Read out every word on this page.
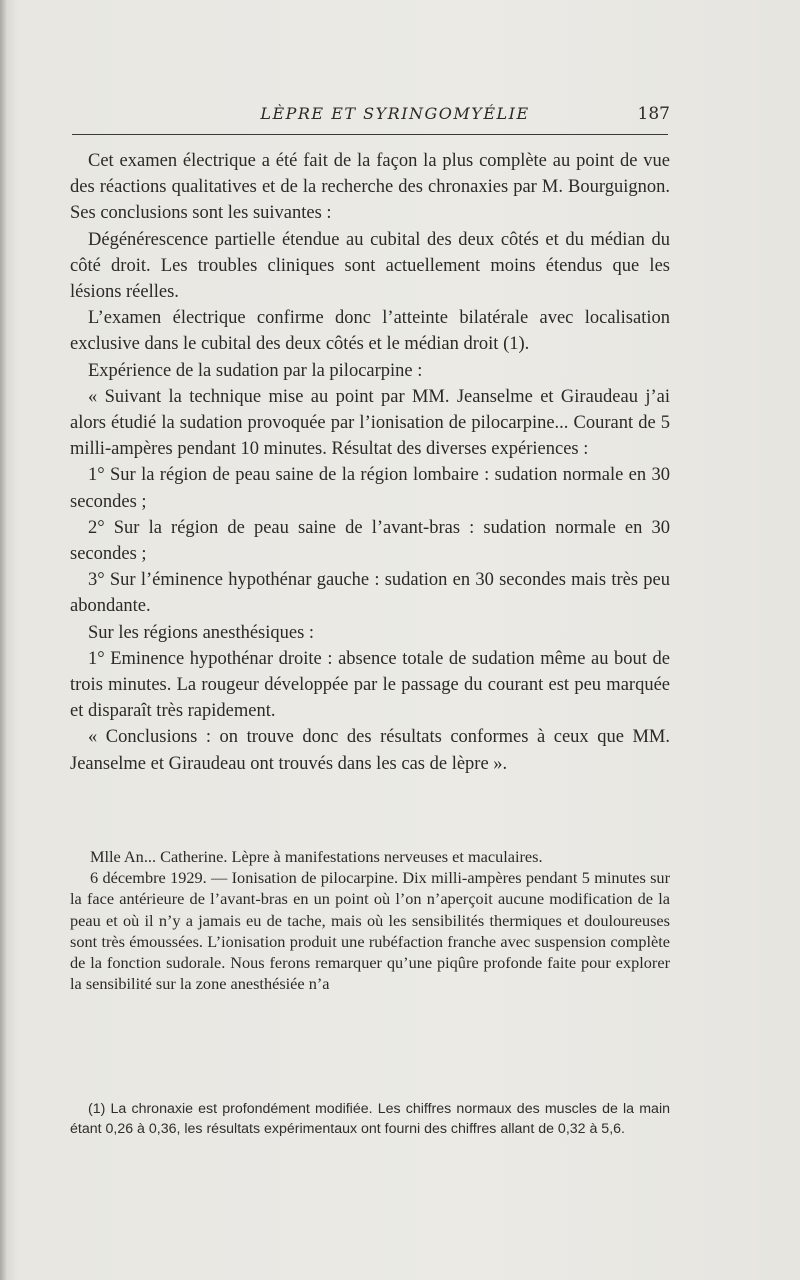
LÈPRE ET SYRINGOMYÉLIE	187

Cet examen électrique a été fait de la façon la plus complète au point de vue des réactions qualitatives et de la recherche des chronaxies par M. Bourguignon. Ses conclusions sont les suivantes :

Dégénérescence partielle étendue au cubital des deux côtés et du médian du côté droit. Les troubles cliniques sont actuellement moins étendus que les lésions réelles.

L’examen électrique confirme donc l’atteinte bilatérale avec localisation exclusive dans le cubital des deux côtés et le médian droit (1).

Expérience de la sudation par la pilocarpine :

« Suivant la technique mise au point par MM. Jeanselme et Giraudeau j’ai alors étudié la sudation provoquée par l’ionisation de pilocarpine... Courant de 5 milli-ampères pendant 10 minutes. Résultat des diverses expériences :

1° Sur la région de peau saine de la région lombaire : sudation normale en 30 secondes ;

2° Sur la région de peau saine de l’avant-bras : sudation normale en 30 secondes ;

3° Sur l’éminence hypothénar gauche : sudation en 30 secondes mais très peu abondante.

Sur les régions anesthésiques :

1° Eminence hypothénar droite : absence totale de sudation même au bout de trois minutes. La rougeur développée par le passage du courant est peu marquée et disparaît très rapidement.

« Conclusions : on trouve donc des résultats conformes à ceux que MM. Jeanselme et Giraudeau ont trouvés dans les cas de lèpre ».

Mlle An... Catherine. Lèpre à manifestations nerveuses et maculaires.

6 décembre 1929. — Ionisation de pilocarpine. Dix milli-ampères pendant 5 minutes sur la face antérieure de l’avant-bras en un point où l’on n’aperçoit aucune modification de la peau et où il n’y a jamais eu de tache, mais où les sensibilités thermiques et douloureuses sont très émoussées. L’ionisation produit une rubéfaction franche avec suspension complète de la fonction sudorale. Nous ferons remarquer qu’une piqûre profonde faite pour explorer la sensibilité sur la zone anesthésiée n’a

(1) La chronaxie est profondément modifiée. Les chiffres normaux des muscles de la main étant 0,26 à 0,36, les résultats expérimentaux ont fourni des chiffres allant de 0,32 à 5,6.
